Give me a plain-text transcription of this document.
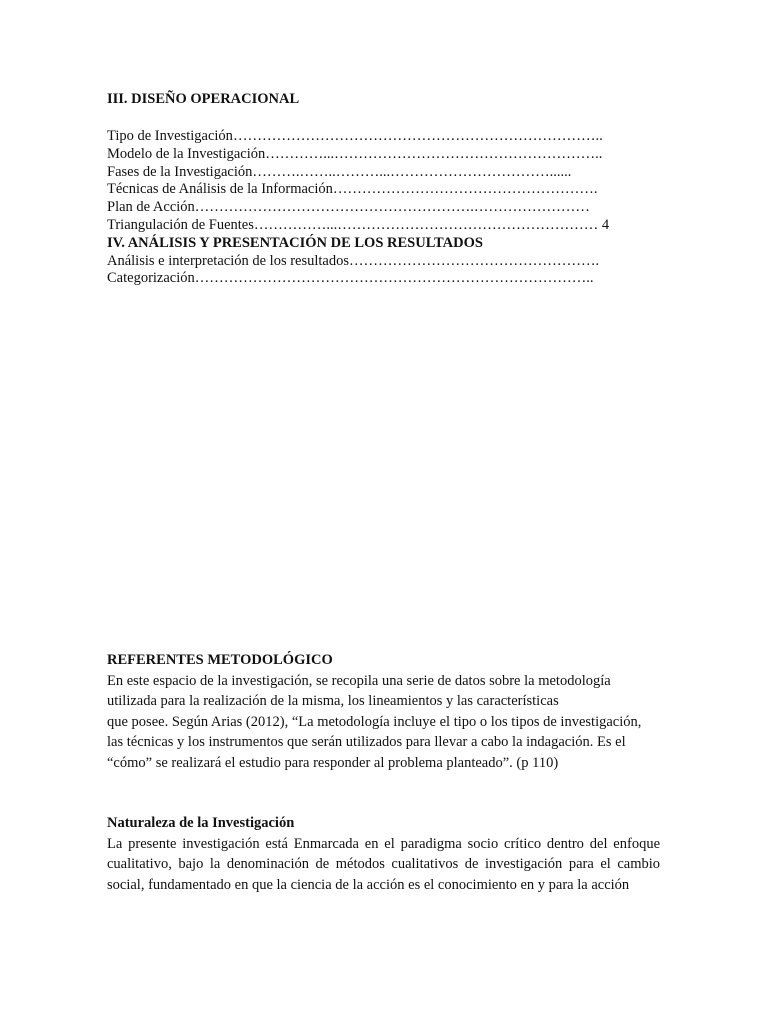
III. DISEÑO OPERACIONAL
Tipo de Investigación…………………………………………………………………..
Modelo de la Investigación…………...………………………………………………..
Fases de la Investigación……….……..………...……………………………......
Técnicas de Análisis de la Información……………………………………………….
Plan de Acción………………………………………………….……………………
Triangulación de Fuentes……………...……………………………………………… 4
IV. ANÁLISIS Y PRESENTACIÓN DE LOS RESULTADOS
Análisis e interpretación de los resultados…………………………………………….
Categorización………………………………………………………………………..
REFERENTES METODOLÓGICO

En este espacio de la investigación, se recopila una serie de datos sobre la metodología utilizada para la realización de la misma, los lineamientos y las características

que posee. Según Arias (2012), “La metodología incluye el tipo o los tipos de investigación,

las técnicas y los instrumentos que serán utilizados para llevar a cabo la indagación. Es el “cómo” se realizará el estudio para responder al problema planteado”. (p 110)

Naturaleza de la Investigación

La presente investigación está Enmarcada en el paradigma socio crítico dentro del enfoque cualitativo, bajo la denominación de métodos cualitativos de investigación para el cambio social, fundamentado en que la ciencia de la acción es el conocimiento en y para la acción
